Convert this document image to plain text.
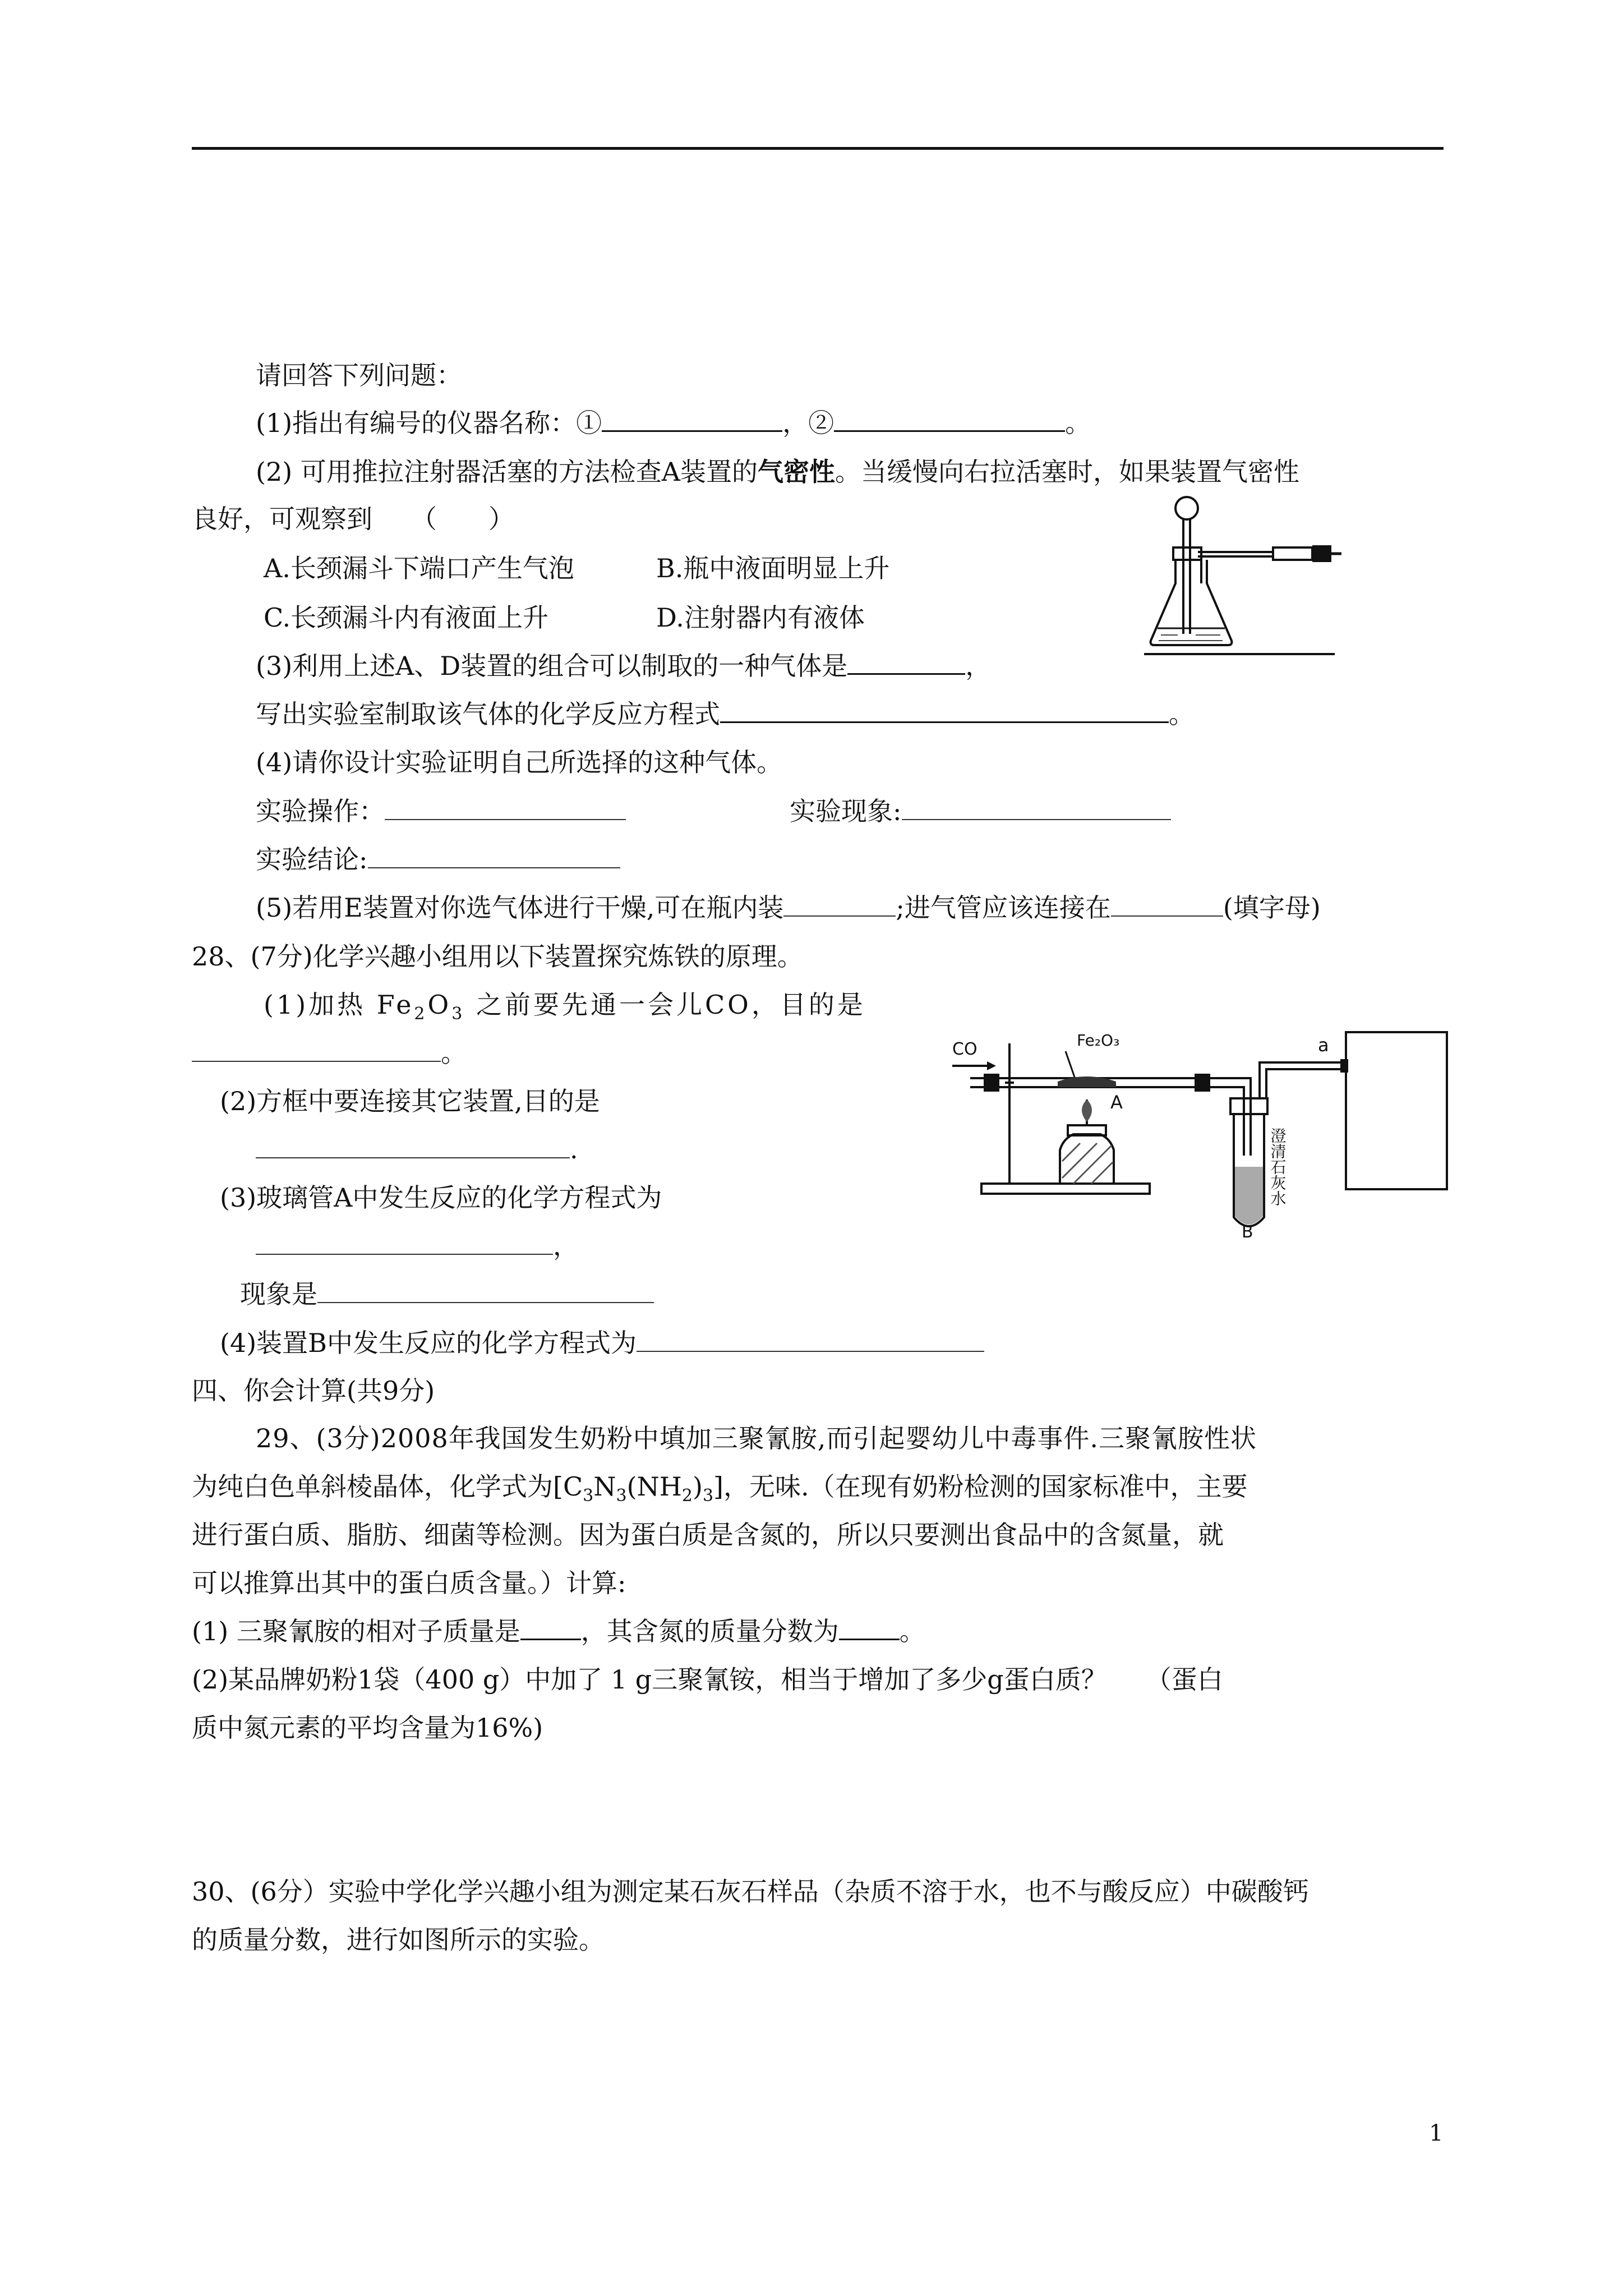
请回答下列问题：
(1)指出有编号的仪器名称：①	，②	。
(2) 可用推拉注射器活塞的方法检查A装置的气密性。当缓慢向右拉活塞时，如果装置气密性
良好，可观察到　　（　　）
A.长颈漏斗下端口产生气泡	B.瓶中液面明显上升
C.长颈漏斗内有液面上升	D.注射器内有液体
(3)利用上述A、D装置的组合可以制取的一种气体是	，
写出实验室制取该气体的化学反应方程式	。
(4)请你设计实验证明自己所选择的这种气体。
实验操作：	实验现象:
实验结论:
(5)若用E装置对你选气体进行干燥,可在瓶内装	;进气管应该连接在	(填字母)
28、(7分)化学兴趣小组用以下装置探究炼铁的原理。
(1)加热 $Fe_2O_3$ 之前要先通一会儿CO，目的是
。
(2)方框中要连接其它装置,目的是
.
(3)玻璃管A中发生反应的化学方程式为
，
现象是
(4)装置B中发生反应的化学方程式为
CO	Fe₂O₃
A
a
B
澄清石灰水
四、你会计算(共9分)
29、(3分)2008年我国发生奶粉中填加三聚氰胺,而引起婴幼儿中毒事件.三聚氰胺性状
为纯白色单斜棱晶体，化学式为$[C_3N_3(NH_2)_3]$，无味.（在现有奶粉检测的国家标准中，主要
进行蛋白质、脂肪、细菌等检测。因为蛋白质是含氮的，所以只要测出食品中的含氮量，就
可以推算出其中的蛋白质含量。）计算:
(1) 三聚氰胺的相对子质量是 ，其含氮的质量分数为 。
(2)某品牌奶粉1袋（400 g）中加了 1 g三聚氰铵，相当于增加了多少g蛋白质？　　（蛋白
质中氮元素的平均含量为16%)
30、(6分）实验中学化学兴趣小组为测定某石灰石样品（杂质不溶于水，也不与酸反应）中碳酸钙
的质量分数，进行如图所示的实验。
1
